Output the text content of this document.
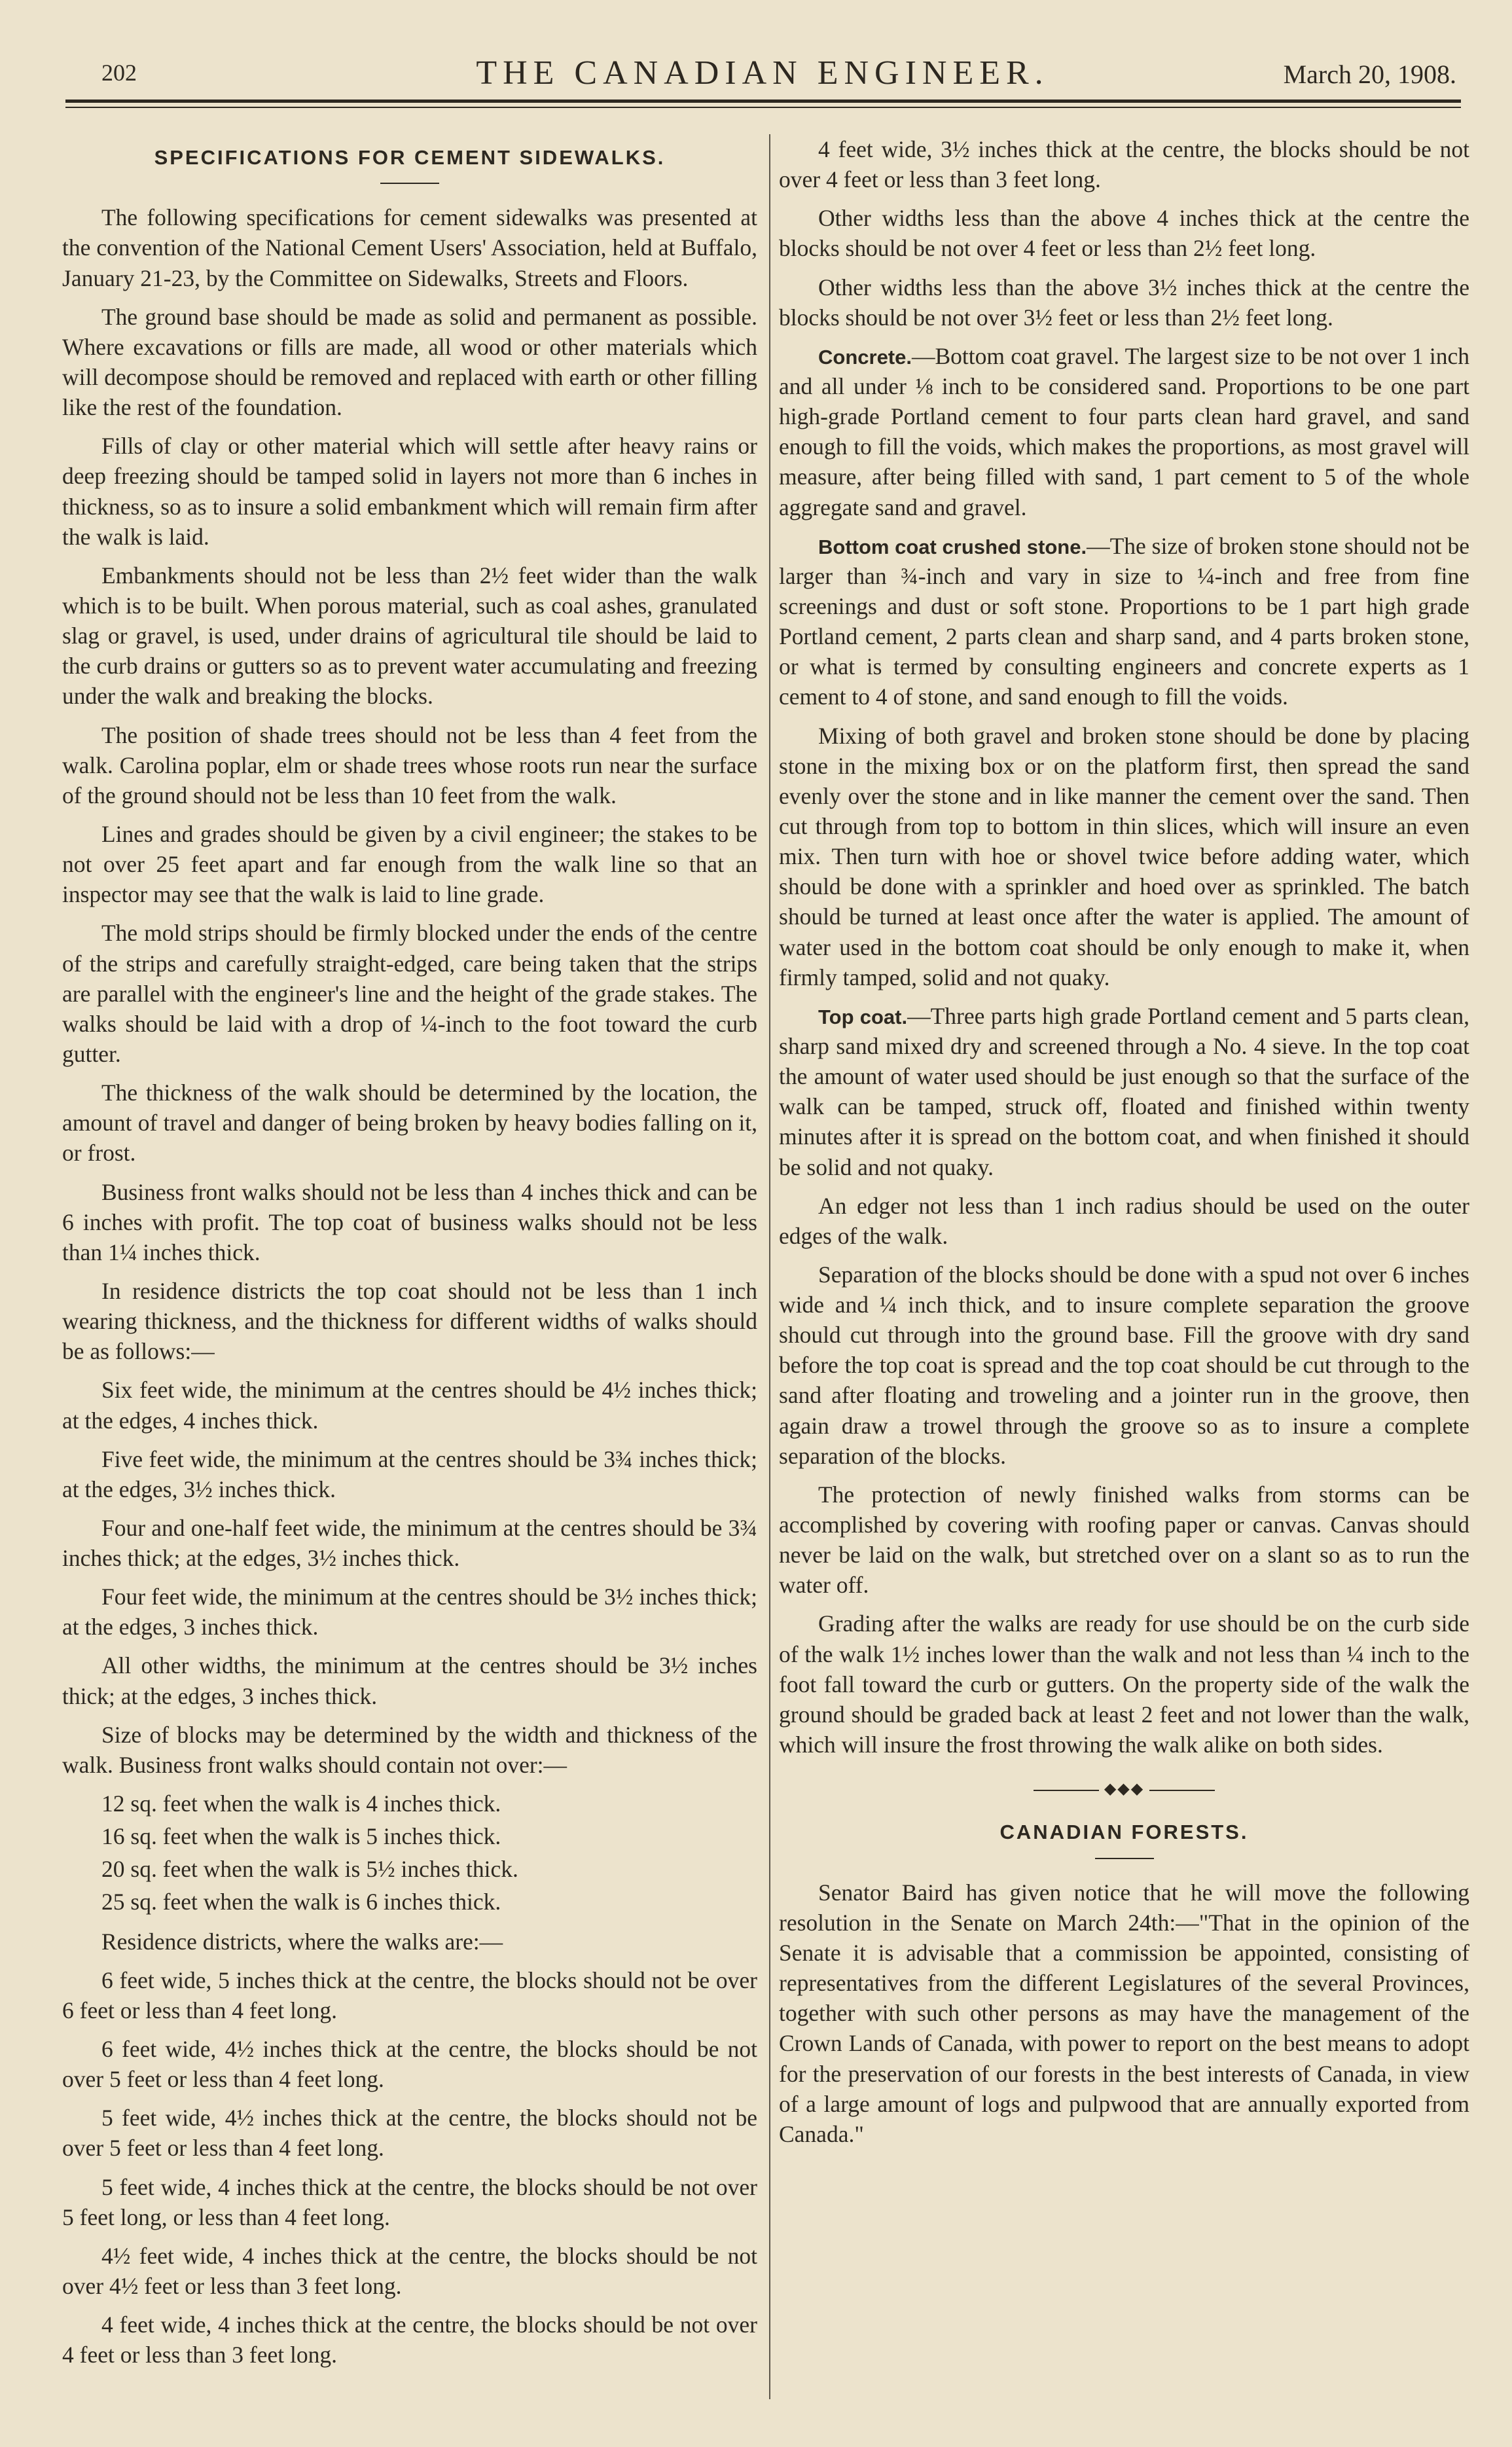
202	THE CANADIAN ENGINEER.	March 20, 1908.
SPECIFICATIONS FOR CEMENT SIDEWALKS.

The following specifications for cement sidewalks was presented at the convention of the National Cement Users' Association, held at Buffalo, January 21-23, by the Committee on Sidewalks, Streets and Floors.

The ground base should be made as solid and permanent as possible. Where excavations or fills are made, all wood or other materials which will decompose should be removed and replaced with earth or other filling like the rest of the foundation.

Fills of clay or other material which will settle after heavy rains or deep freezing should be tamped solid in layers not more than 6 inches in thickness, so as to insure a solid embankment which will remain firm after the walk is laid.

Embankments should not be less than 2½ feet wider than the walk which is to be built. When porous material, such as coal ashes, granulated slag or gravel, is used, under drains of agricultural tile should be laid to the curb drains or gutters so as to prevent water accumulating and freezing under the walk and breaking the blocks.

The position of shade trees should not be less than 4 feet from the walk. Carolina poplar, elm or shade trees whose roots run near the surface of the ground should not be less than 10 feet from the walk.

Lines and grades should be given by a civil engineer; the stakes to be not over 25 feet apart and far enough from the walk line so that an inspector may see that the walk is laid to line grade.

The mold strips should be firmly blocked under the ends of the centre of the strips and carefully straight-edged, care being taken that the strips are parallel with the engineer's line and the height of the grade stakes. The walks should be laid with a drop of ¼-inch to the foot toward the curb gutter.

The thickness of the walk should be determined by the location, the amount of travel and danger of being broken by heavy bodies falling on it, or frost.

Business front walks should not be less than 4 inches thick and can be 6 inches with profit. The top coat of business walks should not be less than 1¼ inches thick.

In residence districts the top coat should not be less than 1 inch wearing thickness, and the thickness for different widths of walks should be as follows:—

Six feet wide, the minimum at the centres should be 4½ inches thick; at the edges, 4 inches thick.

Five feet wide, the minimum at the centres should be 3¾ inches thick; at the edges, 3½ inches thick.

Four and one-half feet wide, the minimum at the centres should be 3¾ inches thick; at the edges, 3½ inches thick.

Four feet wide, the minimum at the centres should be 3½ inches thick; at the edges, 3 inches thick.

All other widths, the minimum at the centres should be 3½ inches thick; at the edges, 3 inches thick.

Size of blocks may be determined by the width and thickness of the walk. Business front walks should contain not over:—

12 sq. feet when the walk is 4 inches thick.

16 sq. feet when the walk is 5 inches thick.

20 sq. feet when the walk is 5½ inches thick.

25 sq. feet when the walk is 6 inches thick.

Residence districts, where the walks are:—

6 feet wide, 5 inches thick at the centre, the blocks should not be over 6 feet or less than 4 feet long.

6 feet wide, 4½ inches thick at the centre, the blocks should be not over 5 feet or less than 4 feet long.

5 feet wide, 4½ inches thick at the centre, the blocks should not be over 5 feet or less than 4 feet long.

5 feet wide, 4 inches thick at the centre, the blocks should be not over 5 feet long, or less than 4 feet long.

4½ feet wide, 4 inches thick at the centre, the blocks should be not over 4½ feet or less than 3 feet long.

4 feet wide, 4 inches thick at the centre, the blocks should be not over 4 feet or less than 3 feet long.

4 feet wide, 3½ inches thick at the centre, the blocks should be not over 4 feet or less than 3 feet long.

Other widths less than the above 4 inches thick at the centre the blocks should be not over 4 feet or less than 2½ feet long.

Other widths less than the above 3½ inches thick at the centre the blocks should be not over 3½ feet or less than 2½ feet long.

Concrete.—Bottom coat gravel. The largest size to be not over 1 inch and all under ⅛ inch to be considered sand. Proportions to be one part high-grade Portland cement to four parts clean hard gravel, and sand enough to fill the voids, which makes the proportions, as most gravel will measure, after being filled with sand, 1 part cement to 5 of the whole aggregate sand and gravel.

Bottom coat crushed stone.—The size of broken stone should not be larger than ¾-inch and vary in size to ¼-inch and free from fine screenings and dust or soft stone. Proportions to be 1 part high grade Portland cement, 2 parts clean and sharp sand, and 4 parts broken stone, or what is termed by consulting engineers and concrete experts as 1 cement to 4 of stone, and sand enough to fill the voids.

Mixing of both gravel and broken stone should be done by placing stone in the mixing box or on the platform first, then spread the sand evenly over the stone and in like manner the cement over the sand. Then cut through from top to bottom in thin slices, which will insure an even mix. Then turn with hoe or shovel twice before adding water, which should be done with a sprinkler and hoed over as sprinkled. The batch should be turned at least once after the water is applied. The amount of water used in the bottom coat should be only enough to make it, when firmly tamped, solid and not quaky.

Top coat.—Three parts high grade Portland cement and 5 parts clean, sharp sand mixed dry and screened through a No. 4 sieve. In the top coat the amount of water used should be just enough so that the surface of the walk can be tamped, struck off, floated and finished within twenty minutes after it is spread on the bottom coat, and when finished it should be solid and not quaky.

An edger not less than 1 inch radius should be used on the outer edges of the walk.

Separation of the blocks should be done with a spud not over 6 inches wide and ¼ inch thick, and to insure complete separation the groove should cut through into the ground base. Fill the groove with dry sand before the top coat is spread and the top coat should be cut through to the sand after floating and troweling and a jointer run in the groove, then again draw a trowel through the groove so as to insure a complete separation of the blocks.

The protection of newly finished walks from storms can be accomplished by covering with roofing paper or canvas. Canvas should never be laid on the walk, but stretched over on a slant so as to run the water off.

Grading after the walks are ready for use should be on the curb side of the walk 1½ inches lower than the walk and not less than ¼ inch to the foot fall toward the curb or gutters. On the property side of the walk the ground should be graded back at least 2 feet and not lower than the walk, which will insure the frost throwing the walk alike on both sides.

◆◆◆
CANADIAN FORESTS.

Senator Baird has given notice that he will move the following resolution in the Senate on March 24th:—"That in the opinion of the Senate it is advisable that a commission be appointed, consisting of representatives from the different Legislatures of the several Provinces, together with such other persons as may have the management of the Crown Lands of Canada, with power to report on the best means to adopt for the preservation of our forests in the best interests of Canada, in view of a large amount of logs and pulpwood that are annually exported from Canada."
